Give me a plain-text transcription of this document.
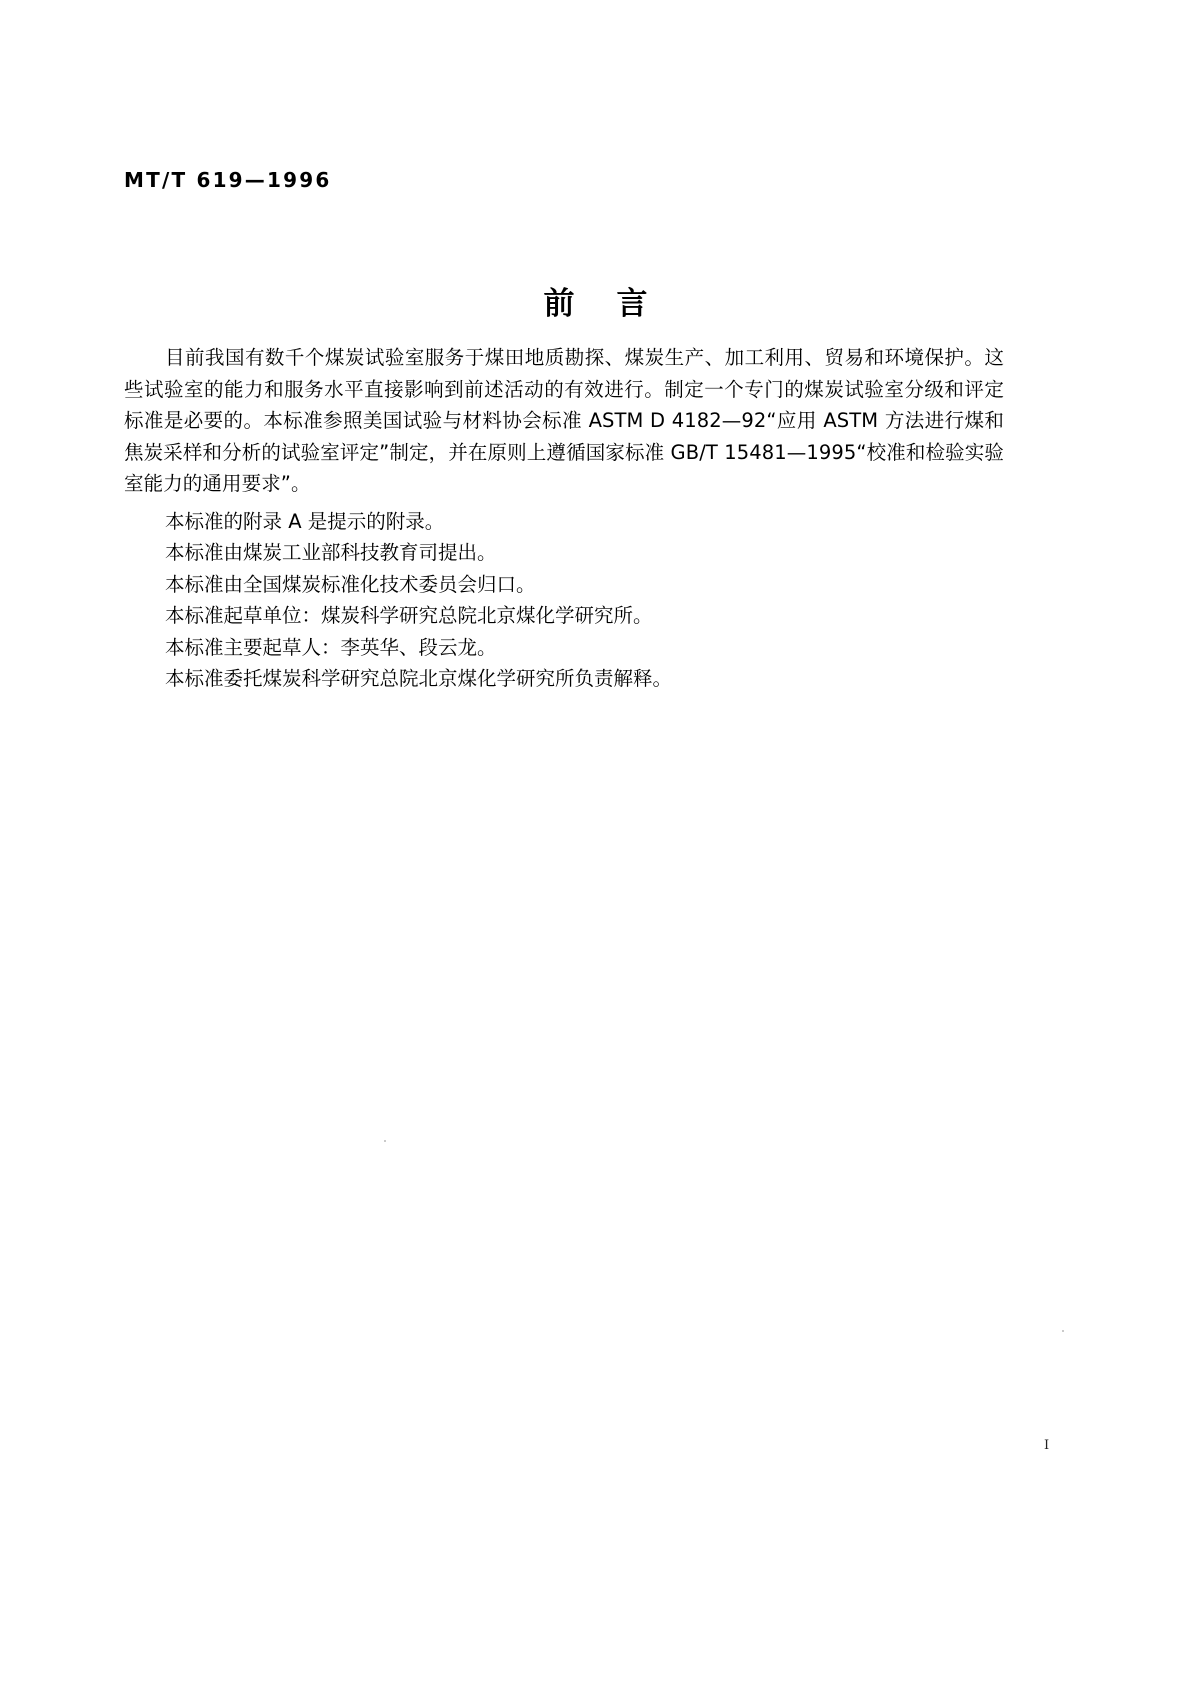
MT/T 619—1996
前 言

目前我国有数千个煤炭试验室服务于煤田地质勘探、煤炭生产、加工利用、贸易和环境保护。这些试验室的能力和服务水平直接影响到前述活动的有效进行。制定一个专门的煤炭试验室分级和评定标准是必要的。本标准参照美国试验与材料协会标准 ASTM D 4182—92“应用 ASTM 方法进行煤和焦炭采样和分析的试验室评定”制定，并在原则上遵循国家标准 GB/T 15481—1995“校准和检验实验室能力的通用要求”。

本标准的附录 A 是提示的附录。
本标准由煤炭工业部科技教育司提出。
本标准由全国煤炭标准化技术委员会归口。
本标准起草单位：煤炭科学研究总院北京煤化学研究所。
本标准主要起草人：李英华、段云龙。
本标准委托煤炭科学研究总院北京煤化学研究所负责解释。
I
